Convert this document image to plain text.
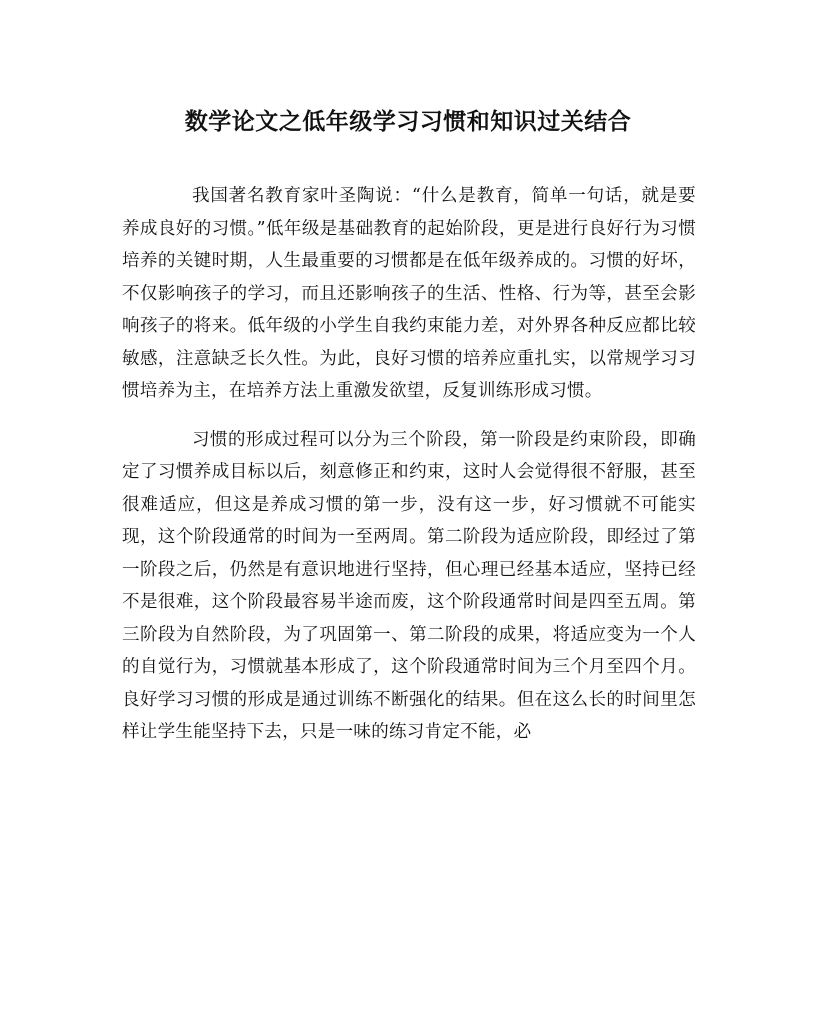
数学论文之低年级学习习惯和知识过关结合

我国著名教育家叶圣陶说：“什么是教育，简单一句话，就是要养成良好的习惯。”低年级是基础教育的起始阶段，更是进行良好行为习惯培养的关键时期，人生最重要的习惯都是在低年级养成的。习惯的好坏，不仅影响孩子的学习，而且还影响孩子的生活、性格、行为等，甚至会影响孩子的将来。低年级的小学生自我约束能力差，对外界各种反应都比较敏感，注意缺乏长久性。为此，良好习惯的培养应重扎实，以常规学习习惯培养为主，在培养方法上重激发欲望，反复训练形成习惯。

习惯的形成过程可以分为三个阶段，第一阶段是约束阶段，即确定了习惯养成目标以后，刻意修正和约束，这时人会觉得很不舒服，甚至很难适应，但这是养成习惯的第一步，没有这一步，好习惯就不可能实现，这个阶段通常的时间为一至两周。第二阶段为适应阶段，即经过了第一阶段之后，仍然是有意识地进行坚持，但心理已经基本适应，坚持已经不是很难，这个阶段最容易半途而废，这个阶段通常时间是四至五周。第三阶段为自然阶段，为了巩固第一、第二阶段的成果，将适应变为一个人的自觉行为，习惯就基本形成了，这个阶段通常时间为三个月至四个月。良好学习习惯的形成是通过训练不断强化的结果。但在这么长的时间里怎样让学生能坚持下去，只是一味的练习肯定不能，必
